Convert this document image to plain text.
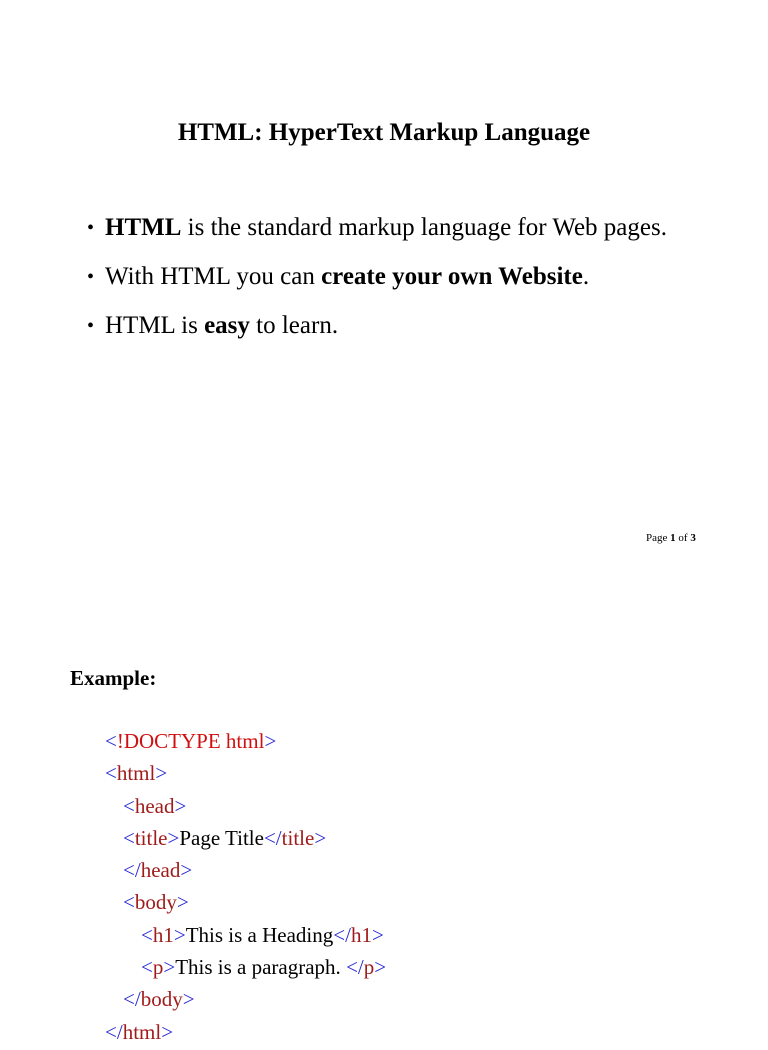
HTML: HyperText Markup Language
• HTML is the standard markup language for Web pages.
• With HTML you can create your own Website.
• HTML is easy to learn.
Page 1 of 3
Example:
<!DOCTYPE html>
<html>
<head>
<title>Page Title</title>
</head>
<body>
<h1>This is a Heading</h1>
<p>This is a paragraph. </p>
</body>
</html>
